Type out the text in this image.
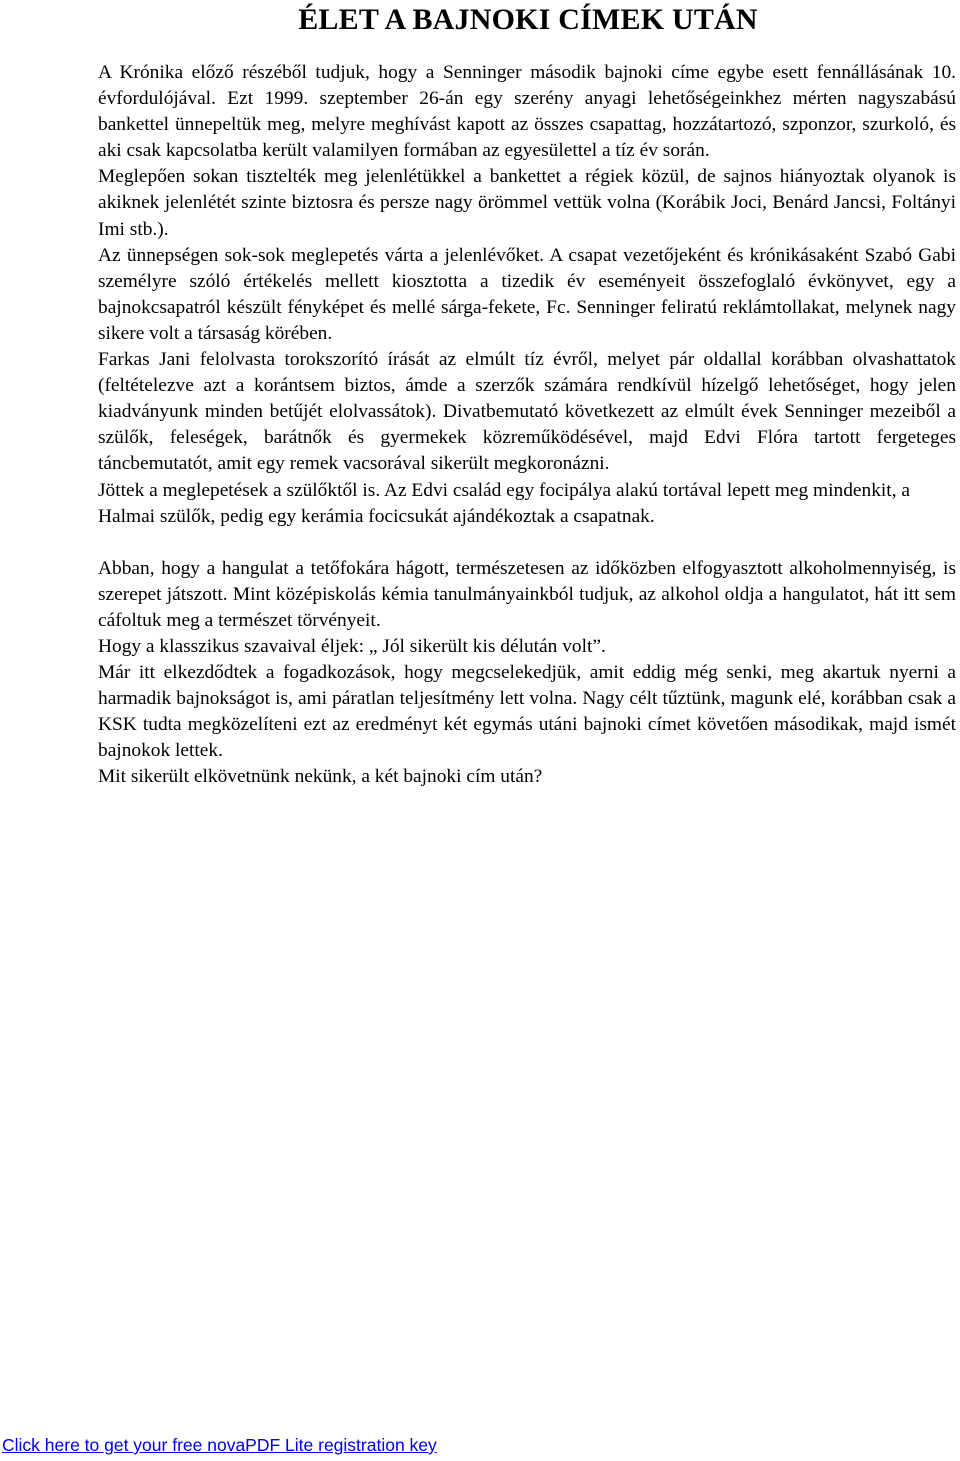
ÉLET A BAJNOKI CÍMEK UTÁN

A Krónika előző részéből tudjuk, hogy a Senninger második bajnoki címe egybe esett fennállásának 10. évfordulójával. Ezt 1999. szeptember 26-án egy szerény anyagi lehetőségeinkhez mérten nagyszabású bankettel ünnepeltük meg, melyre meghívást kapott az összes csapattag, hozzátartozó, szponzor, szurkoló, és aki csak kapcsolatba került valamilyen formában az egyesülettel a tíz év során.

Meglepően sokan tisztelték meg jelenlétükkel a bankettet a régiek közül, de sajnos hiányoztak olyanok is akiknek jelenlétét szinte biztosra és persze nagy örömmel vettük volna (Korábik Joci, Benárd Jancsi, Foltányi Imi stb.).

Az ünnepségen sok-sok meglepetés várta a jelenlévőket. A csapat vezetőjeként és krónikásaként Szabó Gabi személyre szóló értékelés mellett kiosztotta a tizedik év eseményeit összefoglaló évkönyvet, egy a bajnokcsapatról készült fényképet és mellé sárga-fekete, Fc. Senninger feliratú reklámtollakat, melynek nagy sikere volt a társaság körében.

Farkas Jani felolvasta torokszorító írását az elmúlt tíz évről, melyet pár oldallal korábban olvashattatok (feltételezve azt a korántsem biztos, ámde a szerzők számára rendkívül hízelgő lehetőséget, hogy jelen kiadványunk minden betűjét elolvassátok). Divatbemutató következett az elmúlt évek Senninger mezeiből a szülők, feleségek, barátnők és gyermekek közreműködésével, majd Edvi Flóra tartott fergeteges táncbemutatót, amit egy remek vacsorával sikerült megkoronázni.

Jöttek a meglepetések a szülőktől is. Az Edvi család egy focipálya alakú tortával lepett meg mindenkit, a Halmai szülők, pedig egy kerámia focicsukát ajándékoztak a csapatnak.

Abban, hogy a hangulat a tetőfokára hágott, természetesen az időközben elfogyasztott alkoholmennyiség, is szerepet játszott. Mint középiskolás kémia tanulmányainkból tudjuk, az alkohol oldja a hangulatot, hát itt sem cáfoltuk meg a természet törvényeit.

Hogy a klasszikus szavaival éljek: „ Jól sikerült kis délután volt”.

Már itt elkezdődtek a fogadkozások, hogy megcselekedjük, amit eddig még senki, meg akartuk nyerni a harmadik bajnokságot is, ami páratlan teljesítmény lett volna. Nagy célt tűztünk, magunk elé, korábban csak a KSK tudta megközelíteni ezt az eredményt két egymás utáni bajnoki címet követően másodikak, majd ismét bajnokok lettek.

Mit sikerült elkövetnünk nekünk, a két bajnoki cím után?

Click here to get your free novaPDF Lite registration key
